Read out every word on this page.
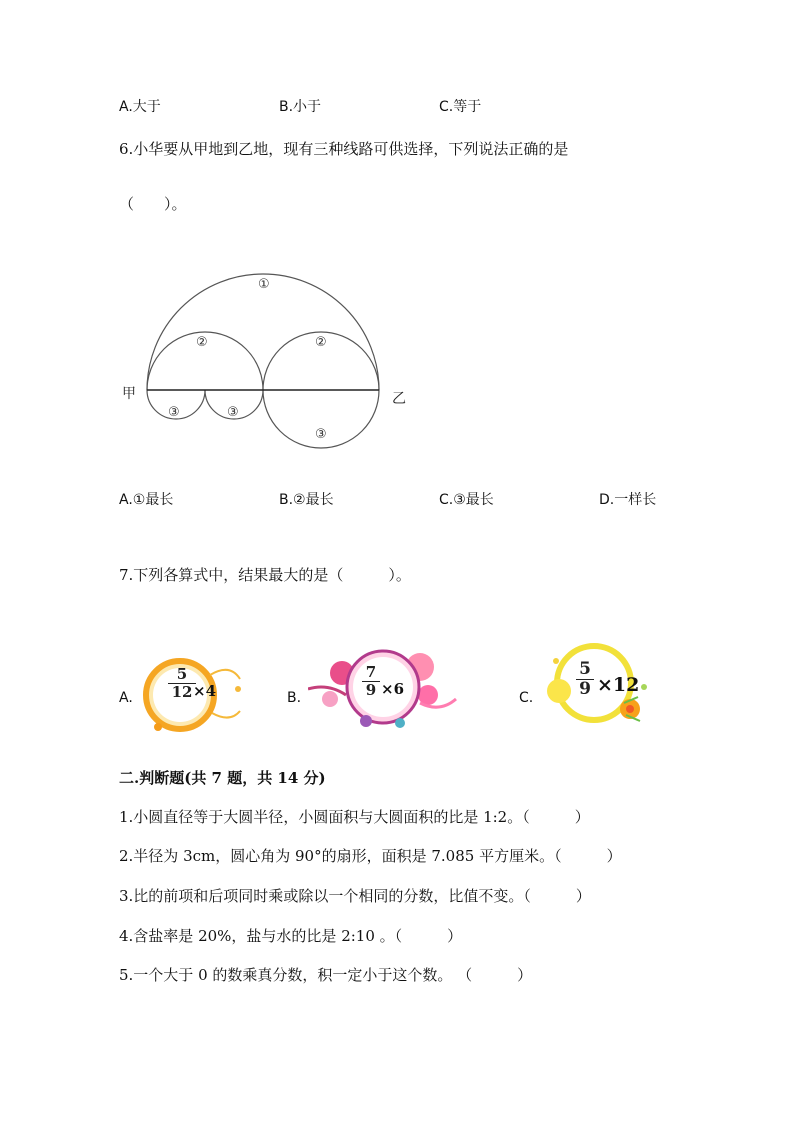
A.大于	B.小于	C.等于
6.小华要从甲地到乙地，现有三种线路可供选择，下列说法正确的是
（　　）。
甲	乙
①
②	②
③	③
③
A.①最长	B.②最长	C.③最长	D.一样长
7.下列各算式中，结果最大的是（　　　）。
A.
5
12 ×4	B.
7
9 ×6	C.
5
9 ×12
二.判断题(共 7 题，共 14 分)
1.小圆直径等于大圆半径，小圆面积与大圆面积的比是 1:2。（　　　）
2.半径为 3cm，圆心角为 90°的扇形，面积是 7.085 平方厘米。（　　　）
3.比的前项和后项同时乘或除以一个相同的分数，比值不变。（　　　）
4.含盐率是 20%，盐与水的比是 2:10 。（　　　）
5.一个大于 0 的数乘真分数，积一定小于这个数。 （　　　）
